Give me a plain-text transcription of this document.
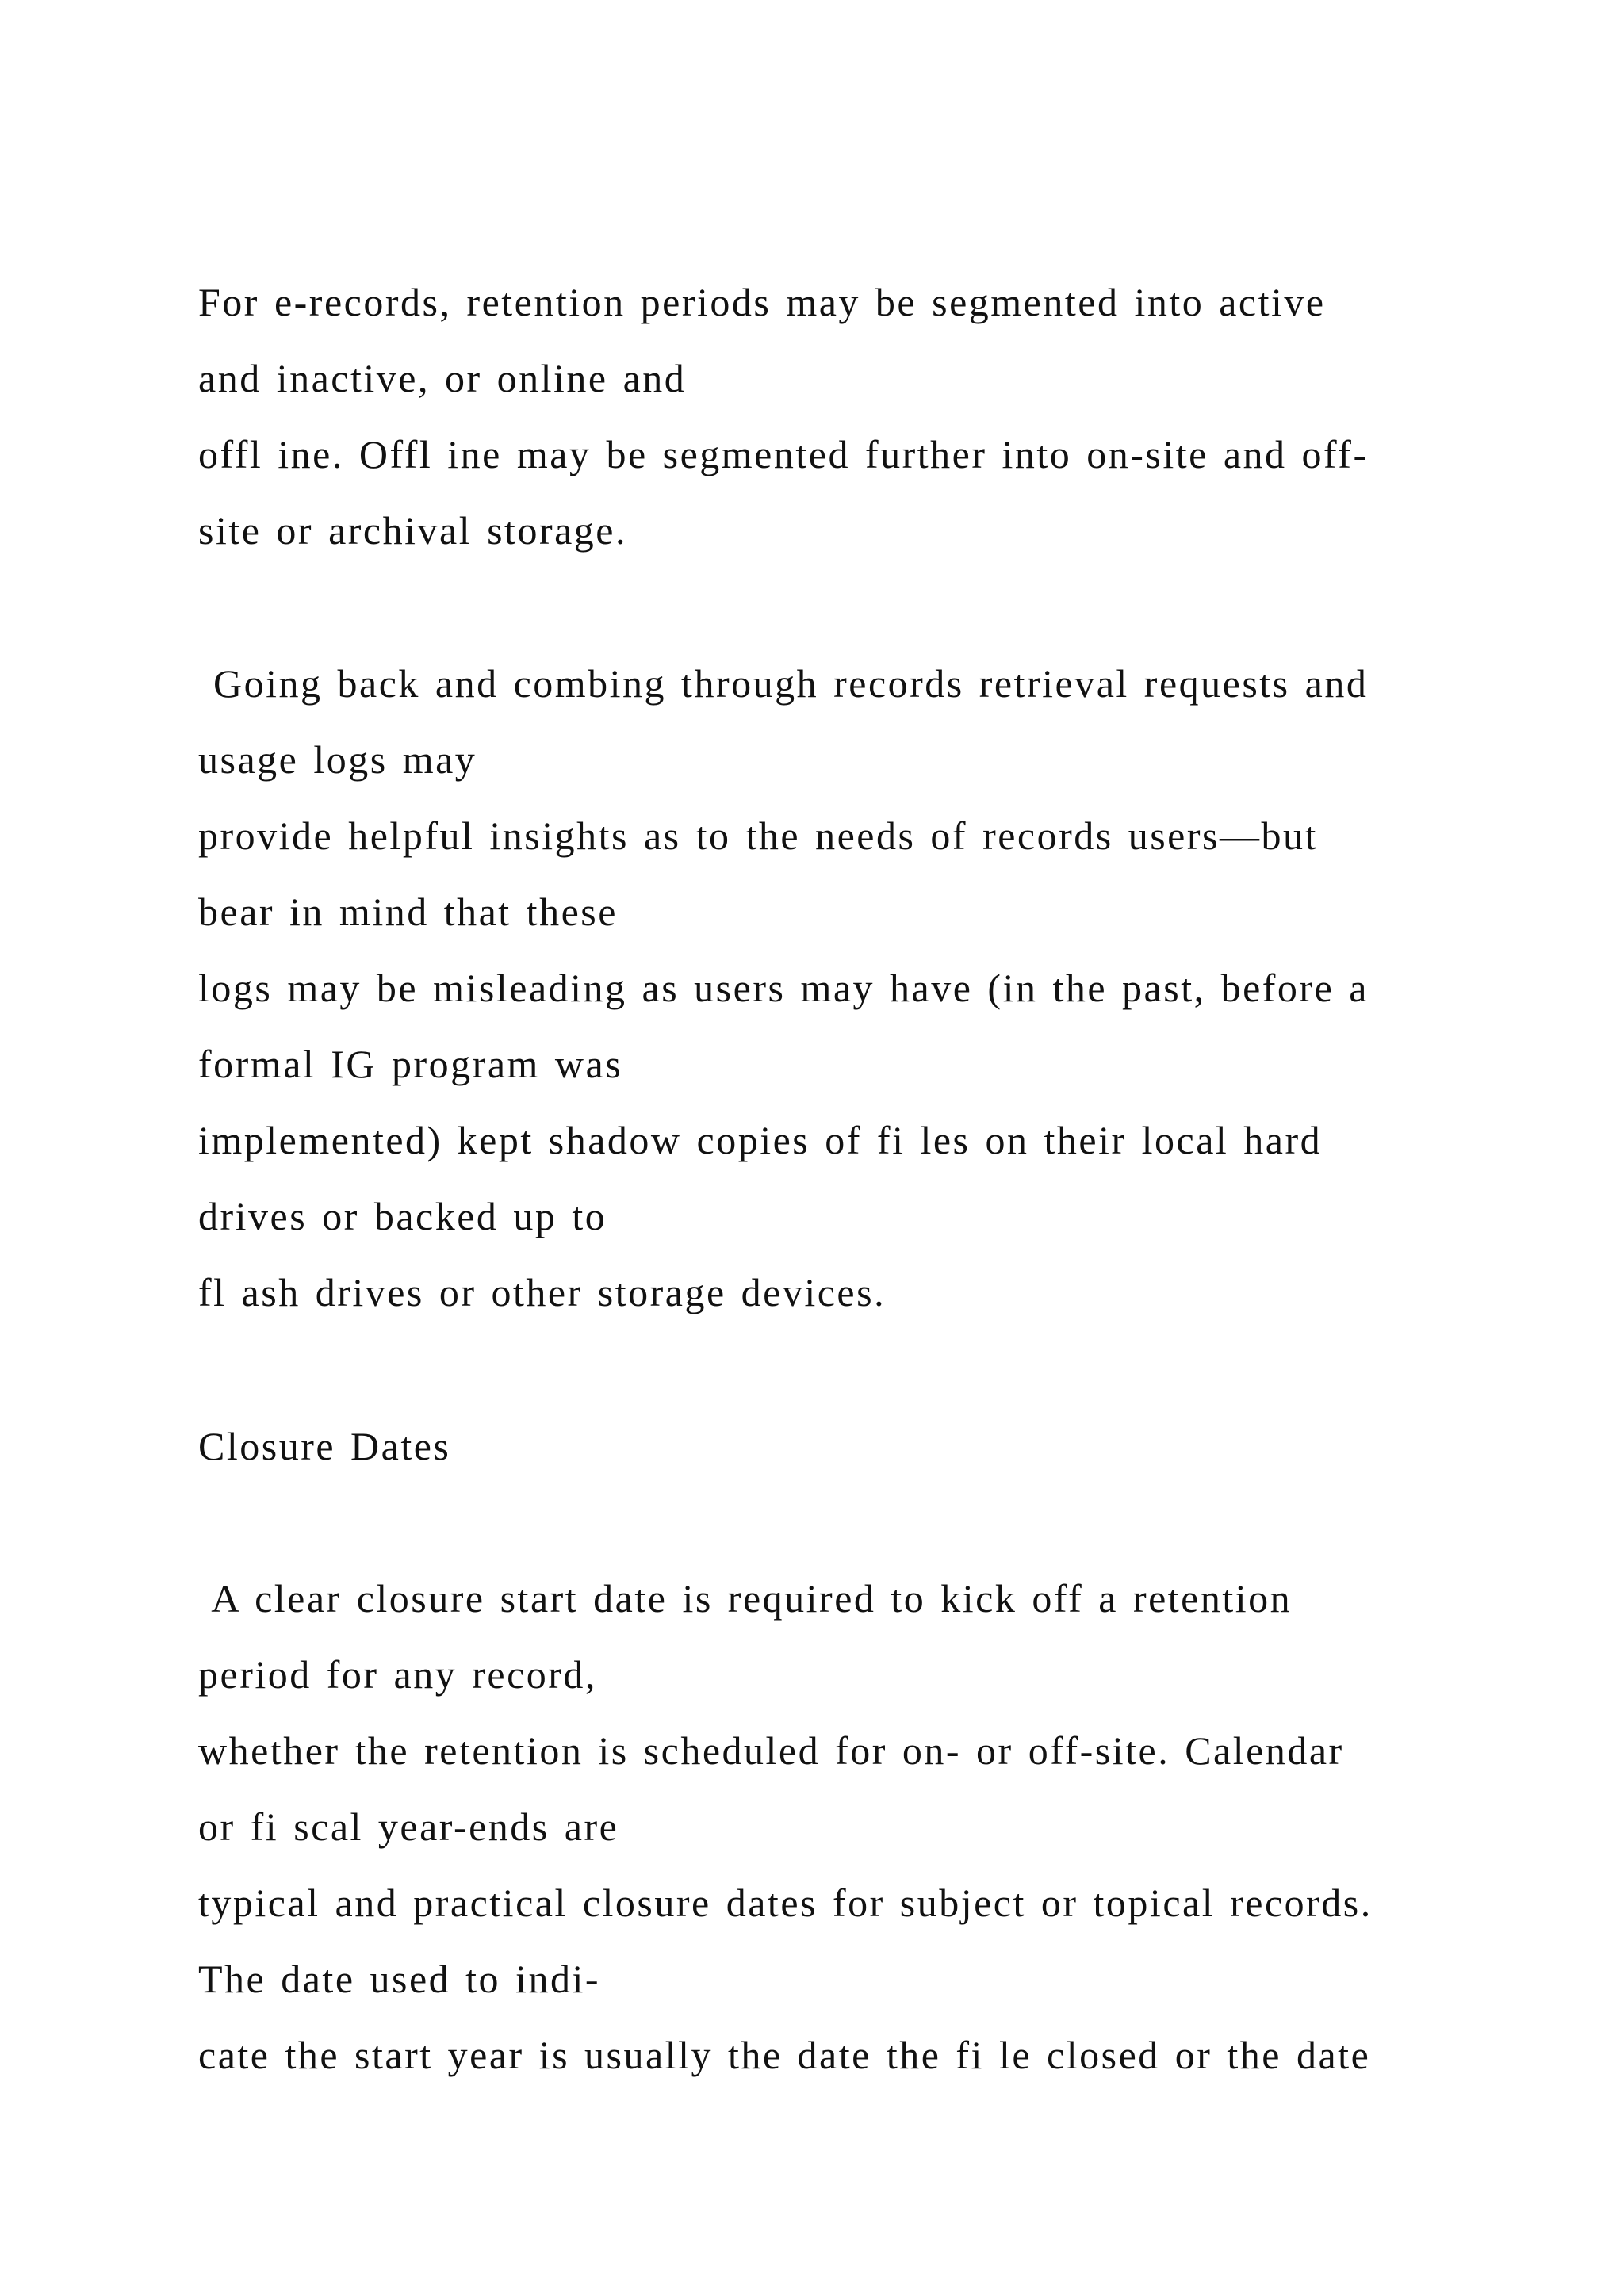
For e-records, retention periods may be segmented into active
and inactive, or online and
offl ine. Offl ine may be segmented further into on-site and off-
site or archival storage.
Going back and combing through records retrieval requests and
usage logs may
provide helpful insights as to the needs of records users—but
bear in mind that these
logs may be misleading as users may have (in the past, before a
formal IG program was
implemented) kept shadow copies of fi les on their local hard
drives or backed up to
fl ash drives or other storage devices.
Closure Dates
A clear closure start date is required to kick off a retention
period for any record,
whether the retention is scheduled for on- or off-site. Calendar
or fi scal year-ends are
typical and practical closure dates for subject or topical records.
The date used to indi-
cate the start year is usually the date the fi le closed or the date
